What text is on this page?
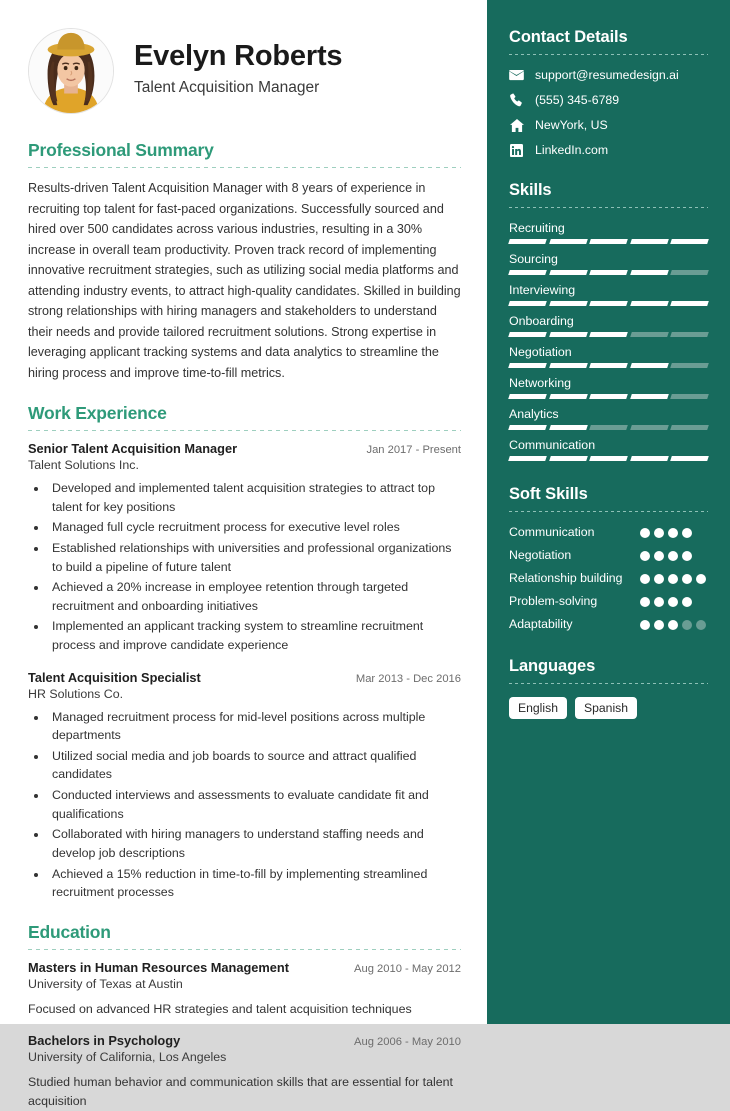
Evelyn Roberts
Talent Acquisition Manager
Professional Summary
Results-driven Talent Acquisition Manager with 8 years of experience in recruiting top talent for fast-paced organizations. Successfully sourced and hired over 500 candidates across various industries, resulting in a 30% increase in overall team productivity. Proven track record of implementing innovative recruitment strategies, such as utilizing social media platforms and attending industry events, to attract high-quality candidates. Skilled in building strong relationships with hiring managers and stakeholders to understand their needs and provide tailored recruitment solutions. Strong expertise in leveraging applicant tracking systems and data analytics to streamline the hiring process and improve time-to-fill metrics.
Work Experience
Senior Talent Acquisition Manager	Jan 2017 - Present
Talent Solutions Inc.
• Developed and implemented talent acquisition strategies to attract top talent for key positions
• Managed full cycle recruitment process for executive level roles
• Established relationships with universities and professional organizations to build a pipeline of future talent
• Achieved a 20% increase in employee retention through targeted recruitment and onboarding initiatives
• Implemented an applicant tracking system to streamline recruitment process and improve candidate experience
Talent Acquisition Specialist	Mar 2013 - Dec 2016
HR Solutions Co.
• Managed recruitment process for mid-level positions across multiple departments
• Utilized social media and job boards to source and attract qualified candidates
• Conducted interviews and assessments to evaluate candidate fit and qualifications
• Collaborated with hiring managers to understand staffing needs and develop job descriptions
• Achieved a 15% reduction in time-to-fill by implementing streamlined recruitment processes
Education
Masters in Human Resources Management	Aug 2010 - May 2012
University of Texas at Austin
Focused on advanced HR strategies and talent acquisition techniques
Bachelors in Psychology	Aug 2006 - May 2010
University of California, Los Angeles
Studied human behavior and communication skills that are essential for talent acquisition
Contact Details
support@resumedesign.ai
(555) 345-6789
NewYork, US
LinkedIn.com
Skills
Recruiting
Sourcing
Interviewing
Onboarding
Negotiation
Networking
Analytics
Communication
Soft Skills
Communication
Negotiation
Relationship building
Problem-solving
Adaptability
Languages
English	Spanish
